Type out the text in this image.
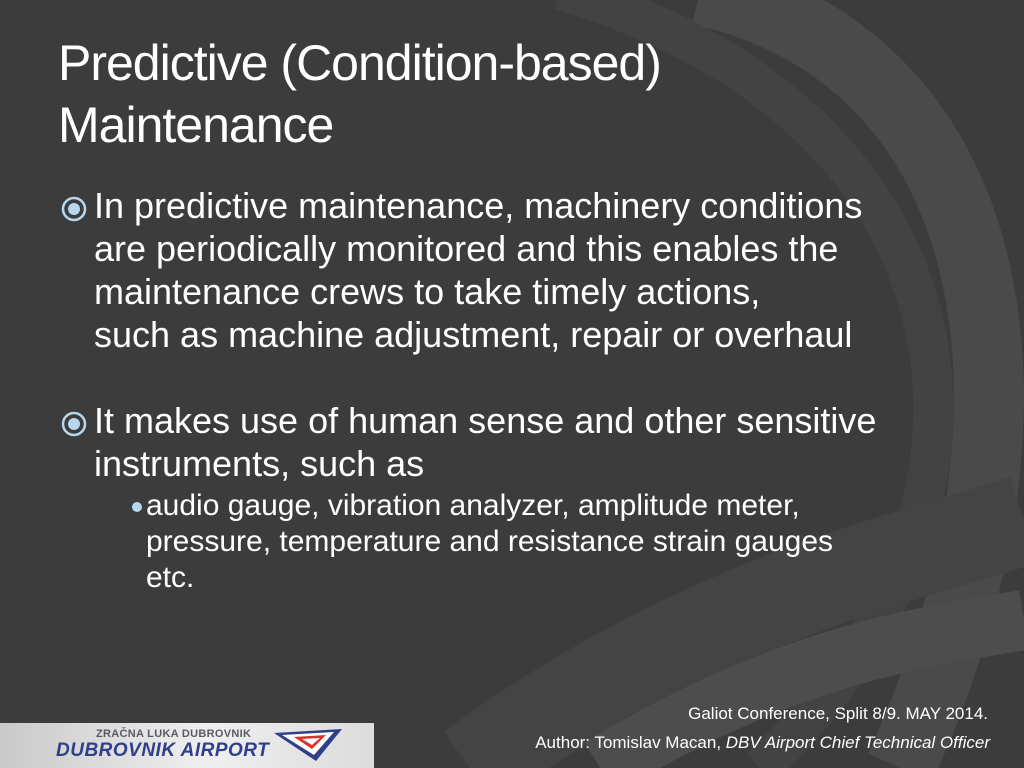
Predictive (Condition-based)
Maintenance
In predictive maintenance, machinery conditions are periodically monitored and this enables the maintenance crews to take timely actions,such as machine adjustment, repair or overhaul
It makes use of human sense and other sensitive instruments, such as
audio gauge, vibration analyzer, amplitude meter, pressure, temperature and resistance strain gauges etc.
Galiot Conference, Split 8/9. MAY 2014.
Author: Tomislav Macan, DBV Airport Chief Technical Officer
ZRAČNA LUKA DUBROVNIK
DUBROVNIK AIRPORT
